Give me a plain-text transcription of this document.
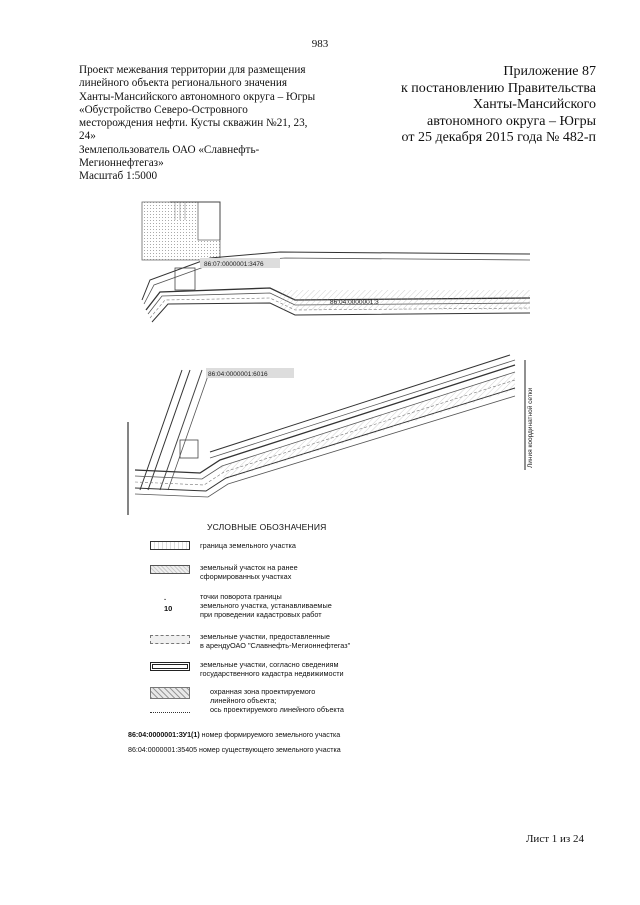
983
Проект межевания территории для размещения
линейного объекта регионального значения
Ханты-Мансийского автономного округа – Югры
«Обустройство Северо-Островного
месторождения нефти. Кусты скважин №21, 23,
24»
Землепользователь ОАО «Славнефть-
Мегионнефтегаз»
Масштаб 1:5000
Приложение 87
к постановлению Правительства
Ханты-Мансийского
автономного округа – Югры
от 25 декабря 2015 года № 482-п
86:07:0000001:3476
86:04:0000001:3
86:04:0000001:6016
Линия координатной сетки
УСЛОВНЫЕ ОБОЗНАЧЕНИЯ
граница земельного участка
земельный участок на ранее
сформированных участках
· 10
точки поворота границы
земельного участка, устанавливаемые
при проведении кадастровых работ
земельные участки, предоставленные
в арендуОАО "Славнефть-Мегионнефтегаз"
земельные участки, согласно сведениям
государственного кадастра недвижимости
охранная зона проектируемого
линейного объекта;
ось проектируемого линейного объекта
86:04:0000001:ЗУ1(1) номер формируемого земельного участка
86:04:0000001:35405 номер существующего земельного участка
Лист 1 из 24
